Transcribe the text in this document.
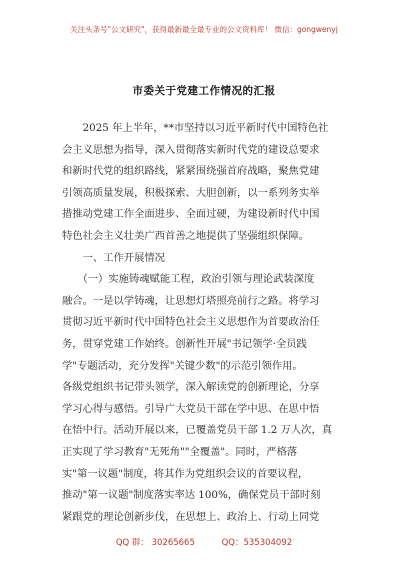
关注头条号"公文研究"，获得最新最全最专业的公文资料库！ 微信：gongwenyj
市委关于党建工作情况的汇报
　　2025 年上半年，**市坚持以习近平新时代中国特色社
会主义思想为指导，深入贯彻落实新时代党的建设总要求
和新时代党的组织路线，紧紧围绕强首府战略，聚焦党建
引领高质量发展，积极探索、大胆创新，以一系列务实举
措推动党建工作全面进步、全面过硬，为建设新时代中国
特色社会主义壮美广西首善之地提供了坚强组织保障。
　　一、工作开展情况
　　（一）实施铸魂赋能工程，政治引领与理论武装深度
融合。一是以学铸魂，让思想灯塔照亮前行之路。将学习
贯彻习近平新时代中国特色社会主义思想作为首要政治任
务，贯穿党建工作始终。创新性开展"书记领学·全员践
学"专题活动，充分发挥"关键少数"的示范引领作用。
各级党组织书记带头领学，深入解读党的创新理论，分享
学习心得与感悟。引导广大党员干部在学中思、在思中悟
在悟中行。活动开展以来，已覆盖党员干部 1.2 万人次，真
正实现了学习教育"无死角""全覆盖"。同时，严格落
实"第一议题"制度，将其作为党组织会议的首要议程，
推动"第一议题"制度落实率达 100%，确保党员干部时刻
紧跟党的理论创新步伐，在思想上、政治上、行动上同党
QQ 群： 30265665	QQ：535304092
